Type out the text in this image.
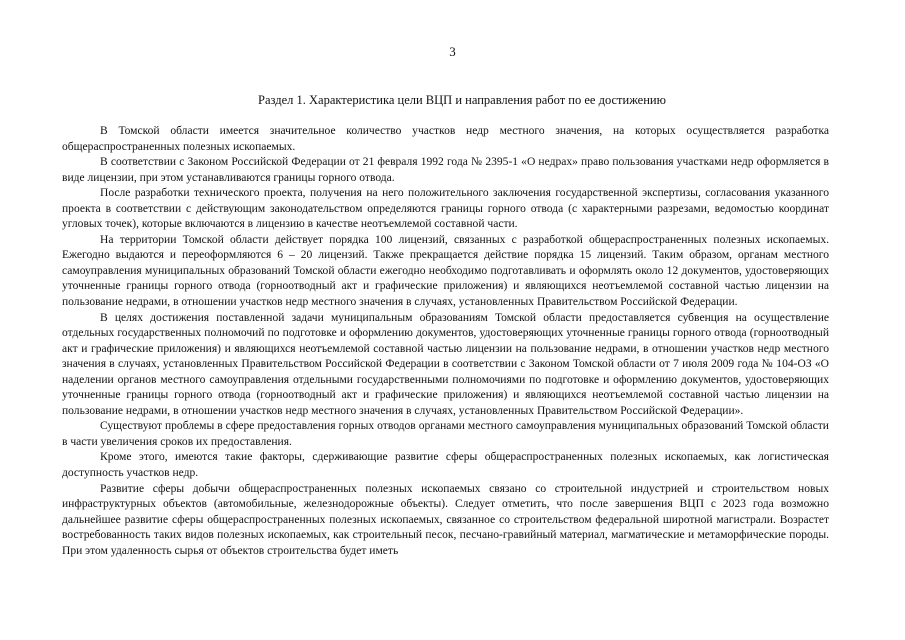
3
Раздел 1. Характеристика цели ВЦП и направления работ по ее достижению

В Томской области имеется значительное количество участков недр местного значения, на которых осуществляется разработка общераспространенных полезных ископаемых.

В соответствии с Законом Российской Федерации от 21 февраля 1992 года № 2395-1 «О недрах» право пользования участками недр оформляется в виде лицензии, при этом устанавливаются границы горного отвода.

После разработки технического проекта, получения на него положительного заключения государственной экспертизы, согласования указанного проекта в соответствии с действующим законодательством определяются границы горного отвода (с характерными разрезами, ведомостью координат угловых точек), которые включаются в лицензию в качестве неотъемлемой составной части.

На территории Томской области действует порядка 100 лицензий, связанных с разработкой общераспространенных полезных ископаемых. Ежегодно выдаются и переоформляются 6 – 20 лицензий. Также прекращается действие порядка 15 лицензий. Таким образом, органам местного самоуправления муниципальных образований Томской области ежегодно необходимо подготавливать и оформлять около 12 документов, удостоверяющих уточненные границы горного отвода (горноотводный акт и графические приложения) и являющихся неотъемлемой составной частью лицензии на пользование недрами, в отношении участков недр местного значения в случаях, установленных Правительством Российской Федерации.

В целях достижения поставленной задачи муниципальным образованиям Томской области предоставляется субвенция на осуществление отдельных государственных полномочий по подготовке и оформлению документов, удостоверяющих уточненные границы горного отвода (горноотводный акт и графические приложения) и являющихся неотъемлемой составной частью лицензии на пользование недрами, в отношении участков недр местного значения в случаях, установленных Правительством Российской Федерации в соответствии с Законом Томской области от 7 июля 2009 года № 104-ОЗ «О наделении органов местного самоуправления отдельными государственными полномочиями по подготовке и оформлению документов, удостоверяющих уточненные границы горного отвода (горноотводный акт и графические приложения) и являющихся неотъемлемой составной частью лицензии на пользование недрами, в отношении участков недр местного значения в случаях, установленных Правительством Российской Федерации».

Существуют проблемы в сфере предоставления горных отводов органами местного самоуправления муниципальных образований Томской области в части увеличения сроков их предоставления.

Кроме этого, имеются такие факторы, сдерживающие развитие сферы общераспространенных полезных ископаемых, как логистическая доступность участков недр.

Развитие сферы добычи общераспространенных полезных ископаемых связано со строительной индустрией и строительством новых инфраструктурных объектов (автомобильные, железнодорожные объекты). Следует отметить, что после завершения ВЦП с 2023 года возможно дальнейшее развитие сферы общераспространенных полезных ископаемых, связанное со строительством федеральной широтной магистрали. Возрастет востребованность таких видов полезных ископаемых, как строительный песок, песчано-гравийный материал, магматические и метаморфические породы. При этом удаленность сырья от объектов строительства будет иметь
